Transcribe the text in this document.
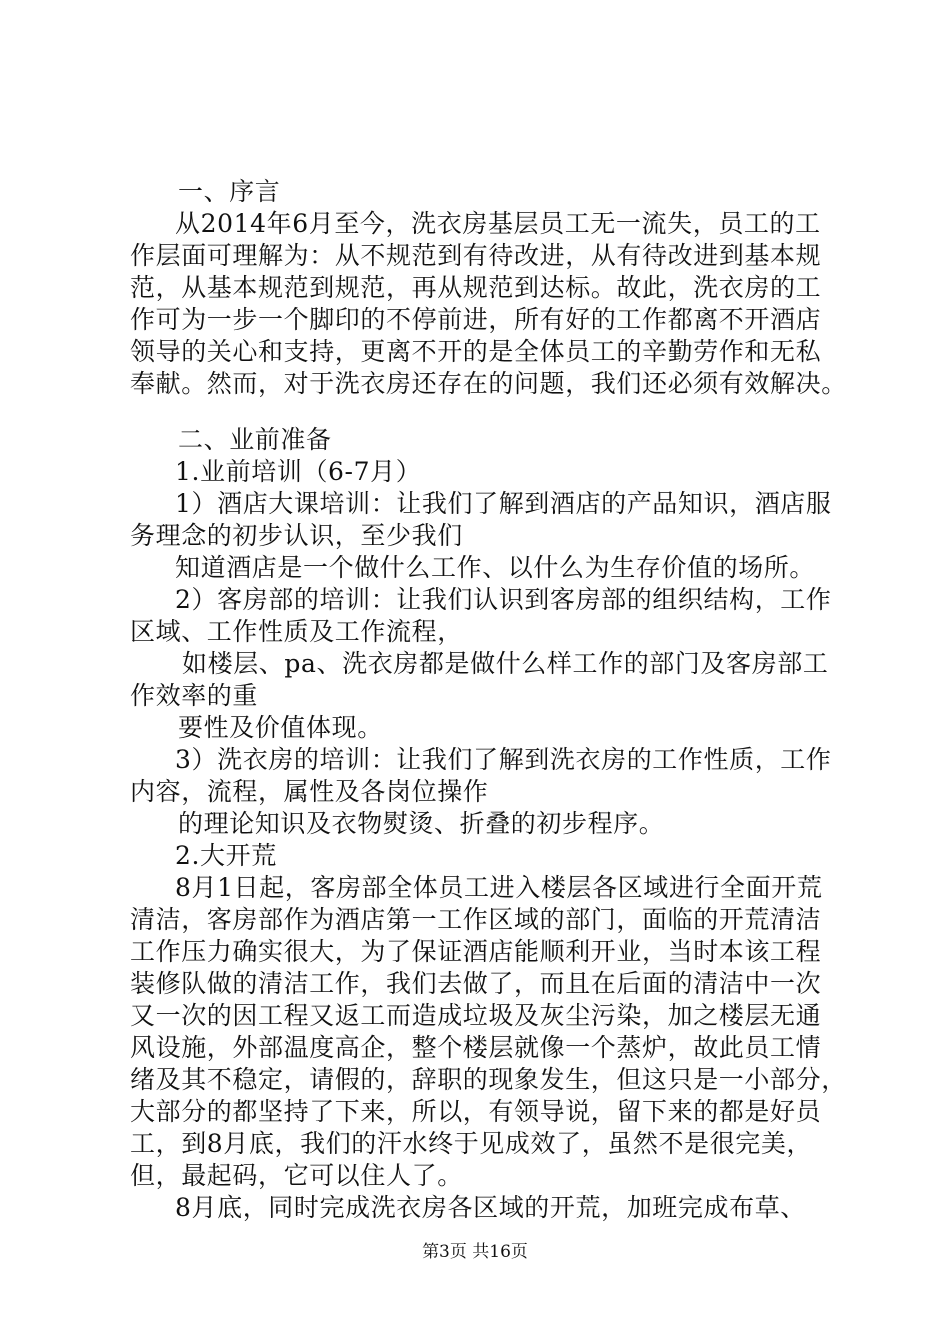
一、序言
从2014年6月至今，洗衣房基层员工无一流失，员工的工
作层面可理解为：从不规范到有待改进，从有待改进到基本规
范，从基本规范到规范，再从规范到达标。故此，洗衣房的工
作可为一步一个脚印的不停前进，所有好的工作都离不开酒店
领导的关心和支持，更离不开的是全体员工的辛勤劳作和无私
奉献。然而，对于洗衣房还存在的问题，我们还必须有效解决。
二、业前准备
1.业前培训（6-7月）
1）酒店大课培训：让我们了解到酒店的产品知识，酒店服
务理念的初步认识，至少我们
知道酒店是一个做什么工作、以什么为生存价值的场所。
2）客房部的培训：让我们认识到客房部的组织结构，工作
区域、工作性质及工作流程，
如楼层、pa、洗衣房都是做什么样工作的部门及客房部工
作效率的重
要性及价值体现。
3）洗衣房的培训：让我们了解到洗衣房的工作性质，工作
内容，流程，属性及各岗位操作
的理论知识及衣物熨烫、折叠的初步程序。
2.大开荒
8月1日起，客房部全体员工进入楼层各区域进行全面开荒
清洁，客房部作为酒店第一工作区域的部门，面临的开荒清洁
工作压力确实很大，为了保证酒店能顺利开业，当时本该工程
装修队做的清洁工作，我们去做了，而且在后面的清洁中一次
又一次的因工程又返工而造成垃圾及灰尘污染，加之楼层无通
风设施，外部温度高企，整个楼层就像一个蒸炉，故此员工情
绪及其不稳定，请假的，辞职的现象发生，但这只是一小部分，
大部分的都坚持了下来，所以，有领导说，留下来的都是好员
工，到8月底，我们的汗水终于见成效了，虽然不是很完美，
但，最起码，它可以住人了。
8月底，同时完成洗衣房各区域的开荒，加班完成布草、
第3页 共16页
